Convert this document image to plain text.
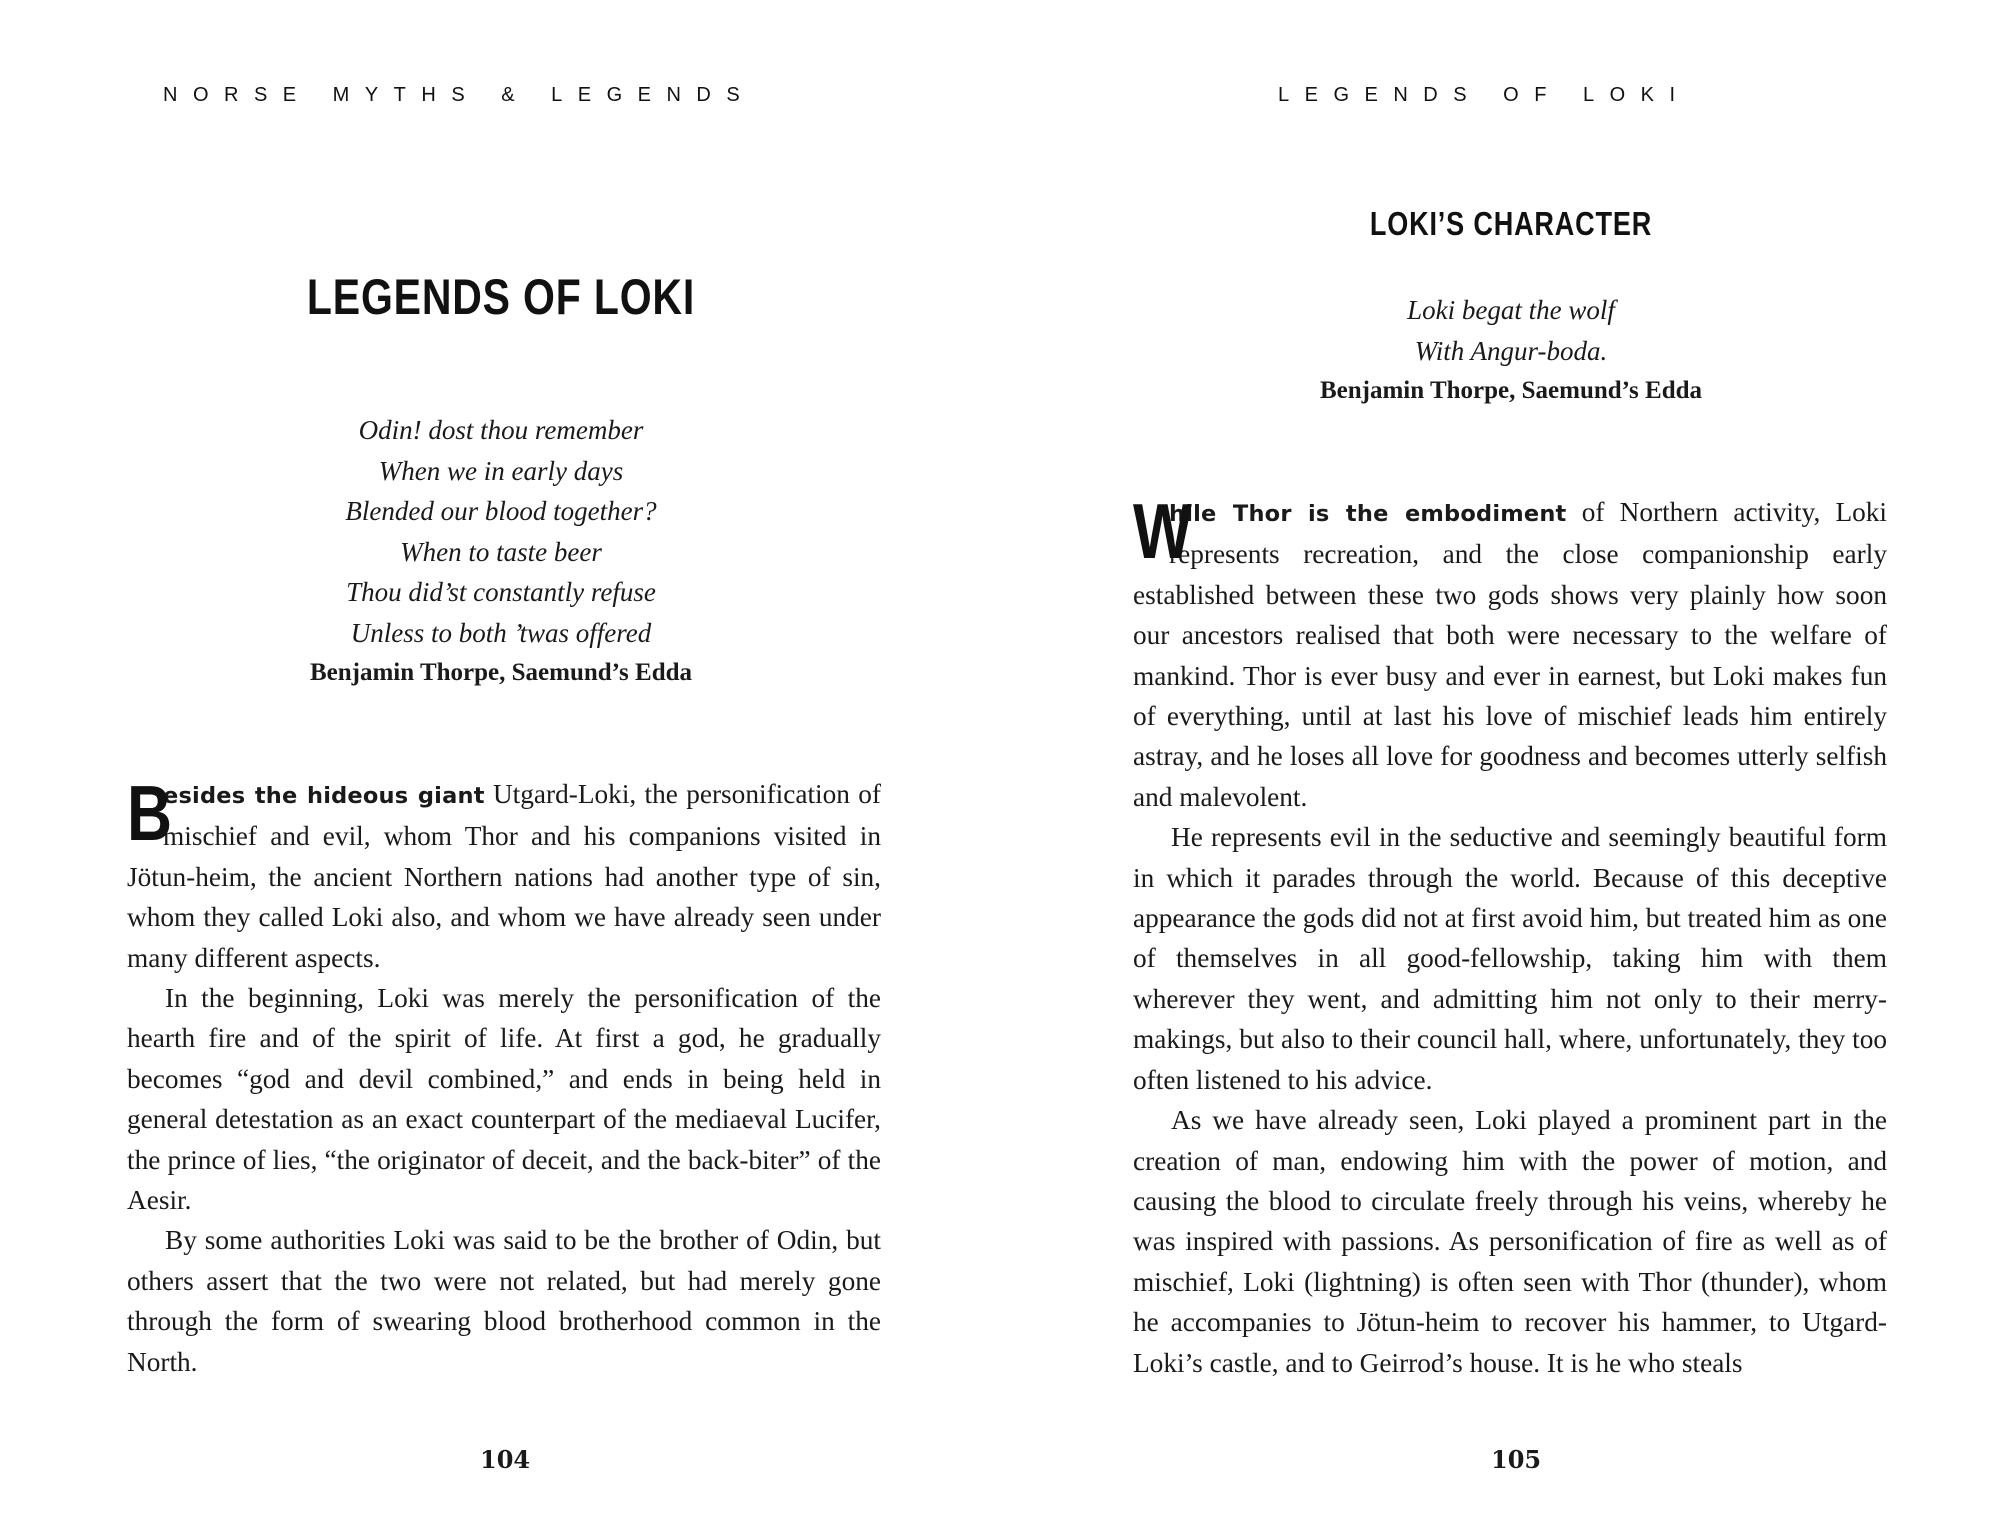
NORSE MYTHS & LEGENDS
LEGENDS OF LOKI
Odin! dost thou remember
When we in early days
Blended our blood together?
When to taste beer
Thou did’st constantly refuse
Unless to both ’twas offered
Benjamin Thorpe, Saemund’s Edda

B
esides the hideous giant Utgard-Loki, the personification of mischief and evil, whom Thor and his companions visited in Jötun-heim, the ancient Northern nations had another type of sin, whom they called Loki also, and whom we have already seen under many different aspects.

In the beginning, Loki was merely the personification of the hearth fire and of the spirit of life. At first a god, he gradually becomes “god and devil combined,” and ends in being held in general detestation as an exact counterpart of the mediaeval Lucifer, the prince of lies, “the originator of deceit, and the back-biter” of the Aesir.

By some authorities Loki was said to be the brother of Odin, but others assert that the two were not related, but had merely gone through the form of swearing blood brotherhood common in the North.

104
LEGENDS OF LOKI
LOKI’S CHARACTER
Loki begat the wolf
With Angur-boda.
Benjamin Thorpe, Saemund’s Edda

W
hile Thor is the embodiment of Northern activity, Loki represents recreation, and the close companionship early established between these two gods shows very plainly how soon our ancestors realised that both were necessary to the welfare of mankind. Thor is ever busy and ever in earnest, but Loki makes fun of everything, until at last his love of mischief leads him entirely astray, and he loses all love for goodness and becomes utterly selfish and malevolent.

He represents evil in the seductive and seemingly beautiful form in which it parades through the world. Because of this deceptive appearance the gods did not at first avoid him, but treated him as one of themselves in all good-fellowship, taking him with them wherever they went, and admitting him not only to their merry-makings, but also to their council hall, where, unfortunately, they too often listened to his advice.

As we have already seen, Loki played a prominent part in the creation of man, endowing him with the power of motion, and causing the blood to circulate freely through his veins, whereby he was inspired with passions. As personification of fire as well as of mischief, Loki (lightning) is often seen with Thor (thunder), whom he accompanies to Jötun-heim to recover his hammer, to Utgard-Loki’s castle, and to Geirrod’s house. It is he who steals

105
